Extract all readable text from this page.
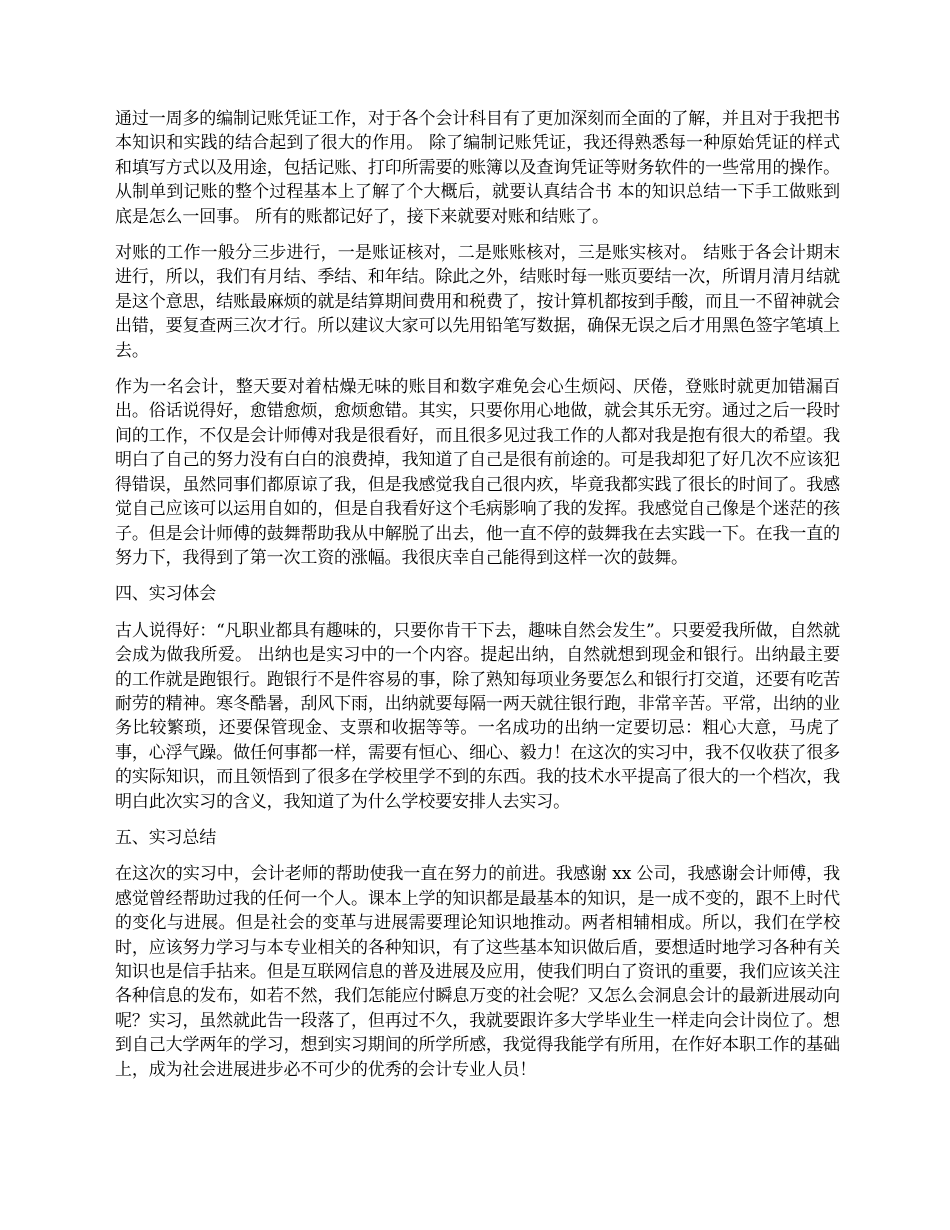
通过一周多的编制记账凭证工作，对于各个会计科目有了更加深刻而全面的了解，并且对于我把书本知识和实践的结合起到了很大的作用。 除了编制记账凭证，我还得熟悉每一种原始凭证的样式和填写方式以及用途，包括记账、打印所需要的账簿以及查询凭证等财务软件的一些常用的操作。从制单到记账的整个过程基本上了解了个大概后，就要认真结合书 本的知识总结一下手工做账到底是怎么一回事。 所有的账都记好了，接下来就要对账和结账了。

对账的工作一般分三步进行，一是账证核对，二是账账核对，三是账实核对。 结账于各会计期末进行，所以，我们有月结、季结、和年结。除此之外，结账时每一账页要结一次，所谓月清月结就是这个意思，结账最麻烦的就是结算期间费用和税费了，按计算机都按到手酸，而且一不留神就会出错，要复查两三次才行。所以建议大家可以先用铅笔写数据，确保无误之后才用黑色签字笔填上去。

作为一名会计，整天要对着枯燥无味的账目和数字难免会心生烦闷、厌倦，登账时就更加错漏百出。俗话说得好，愈错愈烦，愈烦愈错。其实，只要你用心地做，就会其乐无穷。通过之后一段时间的工作，不仅是会计师傅对我是很看好，而且很多见过我工作的人都对我是抱有很大的希望。我明白了自己的努力没有白白的浪费掉，我知道了自己是很有前途的。可是我却犯了好几次不应该犯得错误，虽然同事们都原谅了我，但是我感觉我自己很内疚，毕竟我都实践了很长的时间了。我感觉自己应该可以运用自如的，但是自我看好这个毛病影响了我的发挥。我感觉自己像是个迷茫的孩子。但是会计师傅的鼓舞帮助我从中解脱了出去，他一直不停的鼓舞我在去实践一下。在我一直的努力下，我得到了第一次工资的涨幅。我很庆幸自己能得到这样一次的鼓舞。

四、实习体会

古人说得好：“凡职业都具有趣味的，只要你肯干下去，趣味自然会发生”。只要爱我所做，自然就会成为做我所爱。 出纳也是实习中的一个内容。提起出纳，自然就想到现金和银行。出纳最主要的工作就是跑银行。跑银行不是件容易的事，除了熟知每项业务要怎么和银行打交道，还要有吃苦耐劳的精神。寒冬酷暑，刮风下雨，出纳就要每隔一两天就往银行跑，非常辛苦。平常，出纳的业务比较繁琐，还要保管现金、支票和收据等等。一名成功的出纳一定要切忌：粗心大意，马虎了事，心浮气躁。做任何事都一样，需要有恒心、细心、毅力！在这次的实习中，我不仅收获了很多的实际知识，而且领悟到了很多在学校里学不到的东西。我的技术水平提高了很大的一个档次，我明白此次实习的含义，我知道了为什么学校要安排人去实习。

五、实习总结

在这次的实习中，会计老师的帮助使我一直在努力的前进。我感谢 xx 公司，我感谢会计师傅，我感觉曾经帮助过我的任何一个人。课本上学的知识都是最基本的知识，是一成不变的，跟不上时代的变化与进展。但是社会的变革与进展需要理论知识地推动。两者相辅相成。所以，我们在学校时，应该努力学习与本专业相关的各种知识，有了这些基本知识做后盾，要想适时地学习各种有关知识也是信手拈来。但是互联网信息的普及进展及应用，使我们明白了资讯的重要，我们应该关注各种信息的发布，如若不然，我们怎能应付瞬息万变的社会呢？又怎么会洞息会计的最新进展动向呢？实习，虽然就此告一段落了，但再过不久，我就要跟许多大学毕业生一样走向会计岗位了。想到自己大学两年的学习，想到实习期间的所学所感，我觉得我能学有所用，在作好本职工作的基础上，成为社会进展进步必不可少的优秀的会计专业人员！
